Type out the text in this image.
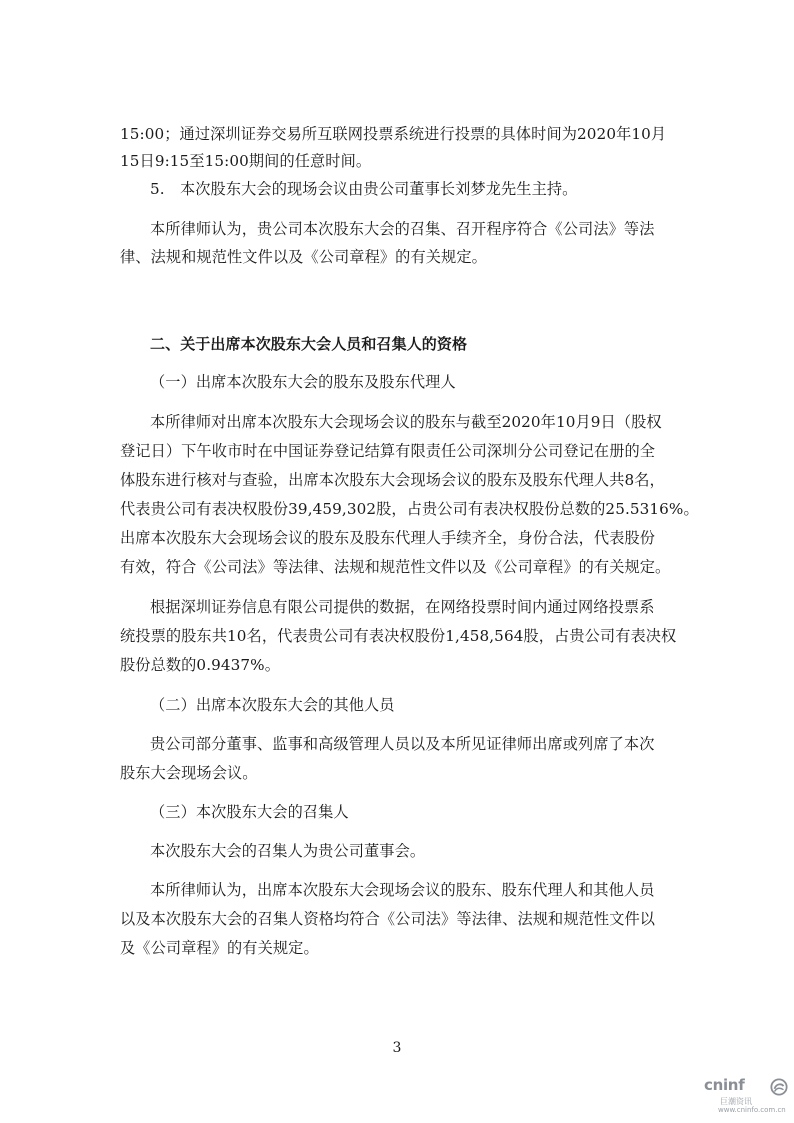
15:00；通过深圳证券交易所互联网投票系统进行投票的具体时间为2020年10月
15日9:15至15:00期间的任意时间。
5.　本次股东大会的现场会议由贵公司董事长刘梦龙先生主持。
本所律师认为，贵公司本次股东大会的召集、召开程序符合《公司法》等法
律、法规和规范性文件以及《公司章程》的有关规定。
二、关于出席本次股东大会人员和召集人的资格
（一）出席本次股东大会的股东及股东代理人
本所律师对出席本次股东大会现场会议的股东与截至2020年10月9日（股权
登记日）下午收市时在中国证券登记结算有限责任公司深圳分公司登记在册的全
体股东进行核对与查验，出席本次股东大会现场会议的股东及股东代理人共8名，
代表贵公司有表决权股份39,459,302股，占贵公司有表决权股份总数的25.5316%。
出席本次股东大会现场会议的股东及股东代理人手续齐全，身份合法，代表股份
有效，符合《公司法》等法律、法规和规范性文件以及《公司章程》的有关规定。
根据深圳证券信息有限公司提供的数据，在网络投票时间内通过网络投票系
统投票的股东共10名，代表贵公司有表决权股份1,458,564股，占贵公司有表决权
股份总数的0.9437%。
（二）出席本次股东大会的其他人员
贵公司部分董事、监事和高级管理人员以及本所见证律师出席或列席了本次
股东大会现场会议。
（三）本次股东大会的召集人
本次股东大会的召集人为贵公司董事会。
本所律师认为，出席本次股东大会现场会议的股东、股东代理人和其他人员
以及本次股东大会的召集人资格均符合《公司法》等法律、法规和规范性文件以
及《公司章程》的有关规定。
3
cninf
巨潮资讯
www.cninfo.com.cn
